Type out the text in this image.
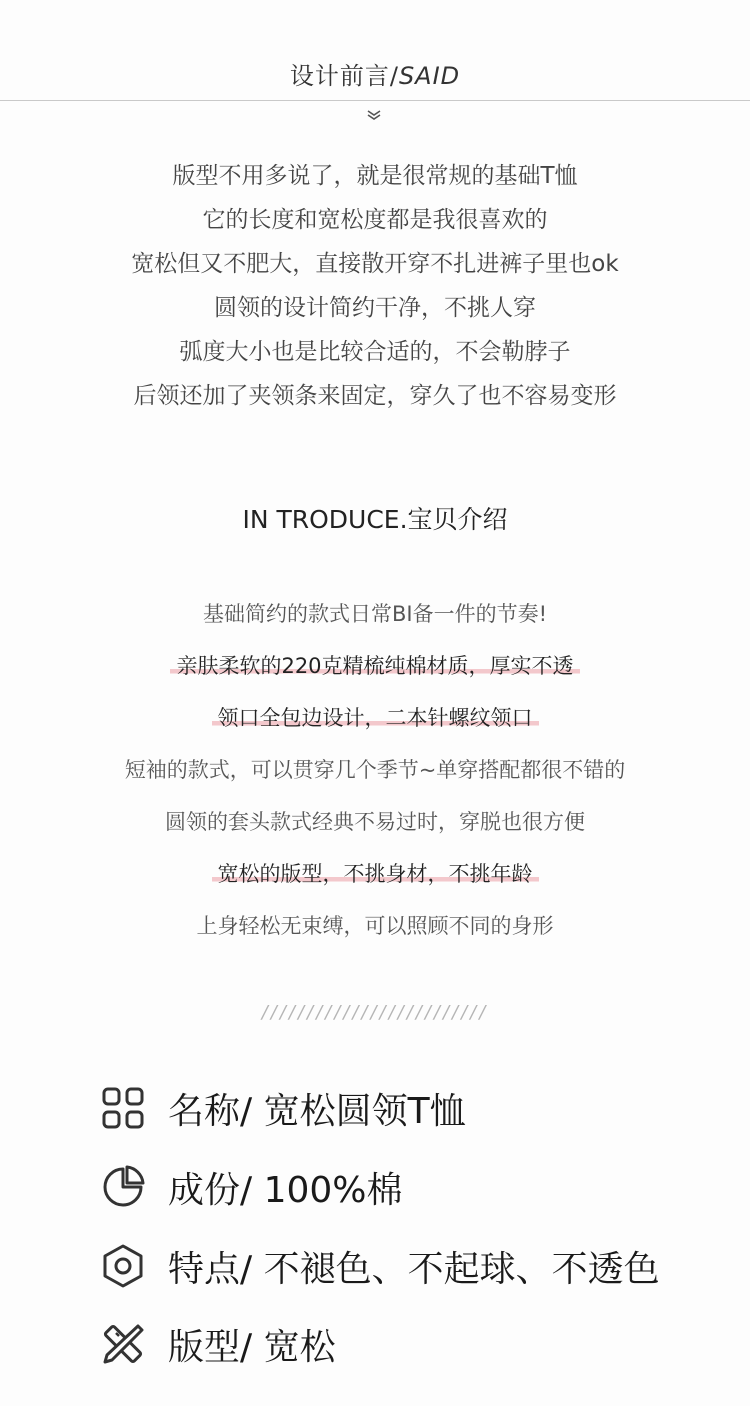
设计前言/SAID
版型不用多说了，就是很常规的基础T恤
它的长度和宽松度都是我很喜欢的
宽松但又不肥大，直接散开穿不扎进裤子里也ok
圆领的设计简约干净，不挑人穿
弧度大小也是比较合适的，不会勒脖子
后领还加了夹领条来固定，穿久了也不容易变形
IN TRODUCE.宝贝介绍
基础简约的款式日常BI备一件的节奏!
亲肤柔软的220克精梳纯棉材质，厚实不透
领口全包边设计，二本针螺纹领口
短袖的款式，可以贯穿几个季节~单穿搭配都很不错的
圆领的套头款式经典不易过时，穿脱也很方便
宽松的版型，不挑身材，不挑年龄
上身轻松无束缚，可以照顾不同的身形
/////////////////////////
名称/ 宽松圆领T恤
成份/ 100%棉
特点/ 不褪色、不起球、不透色
版型/ 宽松
